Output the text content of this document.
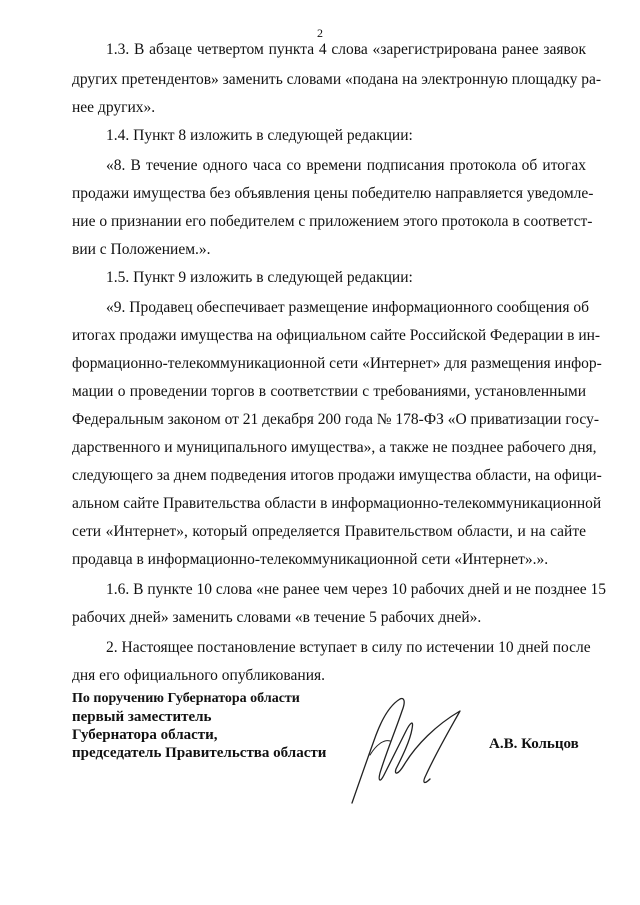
2
1.3. В абзаце четвертом пункта 4 слова «зарегистрирована ранее заявок
других претендентов» заменить словами «подана на электронную площадку ра-
нее других».
1.4. Пункт 8 изложить в следующей редакции:
«8. В течение одного часа со времени подписания протокола об итогах
продажи имущества без объявления цены победителю направляется уведомле-
ние о признании его победителем с приложением этого протокола в соответст-
вии с Положением.».
1.5. Пункт 9 изложить в следующей редакции:
«9. Продавец обеспечивает размещение информационного сообщения об
итогах продажи имущества на официальном сайте Российской Федерации в ин-
формационно-телекоммуникационной сети «Интернет» для размещения инфор-
мации о проведении торгов в соответствии с требованиями, установленными
Федеральным законом от 21 декабря 200 года № 178-ФЗ «О приватизации госу-
дарственного и муниципального имущества», а также не позднее рабочего дня,
следующего за днем подведения итогов продажи имущества области, на офици-
альном сайте Правительства области в информационно-телекоммуникационной
сети «Интернет», который определяется Правительством области, и на сайте
продавца в информационно-телекоммуникационной сети «Интернет».».
1.6. В пункте 10 слова «не ранее чем через 10 рабочих дней и не позднее 15
рабочих дней» заменить словами «в течение 5 рабочих дней».
2. Настоящее постановление вступает в силу по истечении 10 дней после
дня его официального опубликования.
По поручению Губернатора области
первый заместитель
Губернатора области,
председатель Правительства области
А.В. Кольцов
